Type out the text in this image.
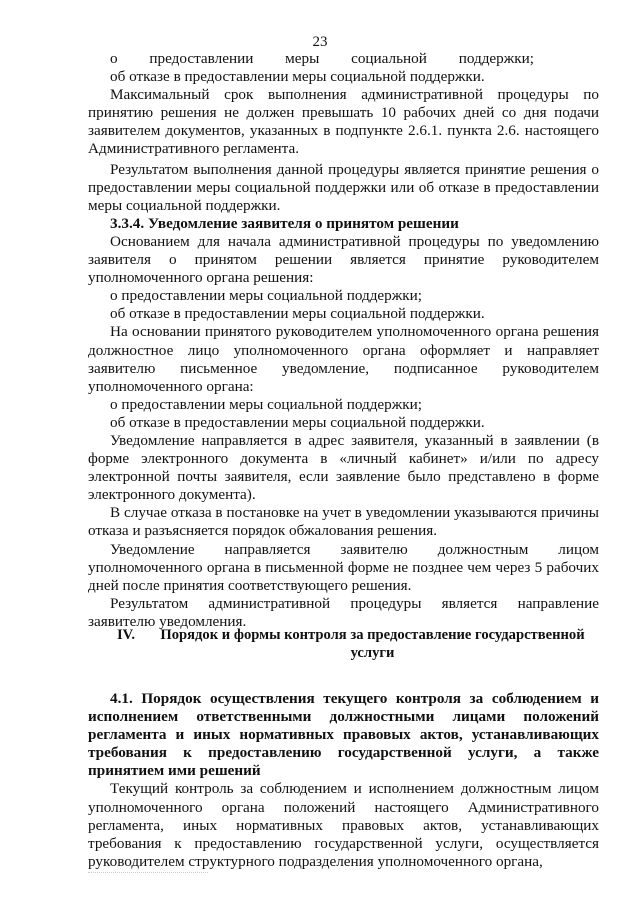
23

о предоставлении меры социальной поддержки;

об отказе в предоставлении меры социальной поддержки.

Максимальный срок выполнения административной процедуры по принятию решения не должен превышать 10 рабочих дней со дня подачи заявителем документов, указанных в подпункте 2.6.1. пункта 2.6. настоящего Административного регламента.

Результатом выполнения данной процедуры является принятие решения о предоставлении меры социальной поддержки или об отказе в предоставлении меры социальной поддержки.

3.3.4. Уведомление заявителя о принятом решении

Основанием для начала административной процедуры по уведомлению заявителя о принятом решении является принятие руководителем уполномоченного органа решения:

о предоставлении меры социальной поддержки;

об отказе в предоставлении меры социальной поддержки.

На основании принятого руководителем уполномоченного органа решения должностное лицо уполномоченного органа оформляет и направляет заявителю письменное уведомление, подписанное руководителем уполномоченного органа:

о предоставлении меры социальной поддержки;

об отказе в предоставлении меры социальной поддержки.

Уведомление направляется в адрес заявителя, указанный в заявлении (в форме электронного документа в «личный кабинет» и/или по адресу электронной почты заявителя, если заявление было представлено в форме электронного документа).

В случае отказа в постановке на учет в уведомлении указываются причины отказа и разъясняется порядок обжалования решения.

Уведомление направляется заявителю должностным лицом уполномоченного органа в письменной форме не позднее чем через 5 рабочих дней после принятия соответствующего решения.

Результатом административной процедуры является направление заявителю уведомления.

IV. Порядок и формы контроля за предоставление государственной услуги

4.1. Порядок осуществления текущего контроля за соблюдением и исполнением ответственными должностными лицами положений регламента и иных нормативных правовых актов, устанавливающих требования к предоставлению государственной услуги, а также принятием ими решений

Текущий контроль за соблюдением и исполнением должностным лицом уполномоченного органа положений настоящего Административного регламента, иных нормативных правовых актов, устанавливающих требования к предоставлению государственной услуги, осуществляется руководителем структурного подразделения уполномоченного органа,
